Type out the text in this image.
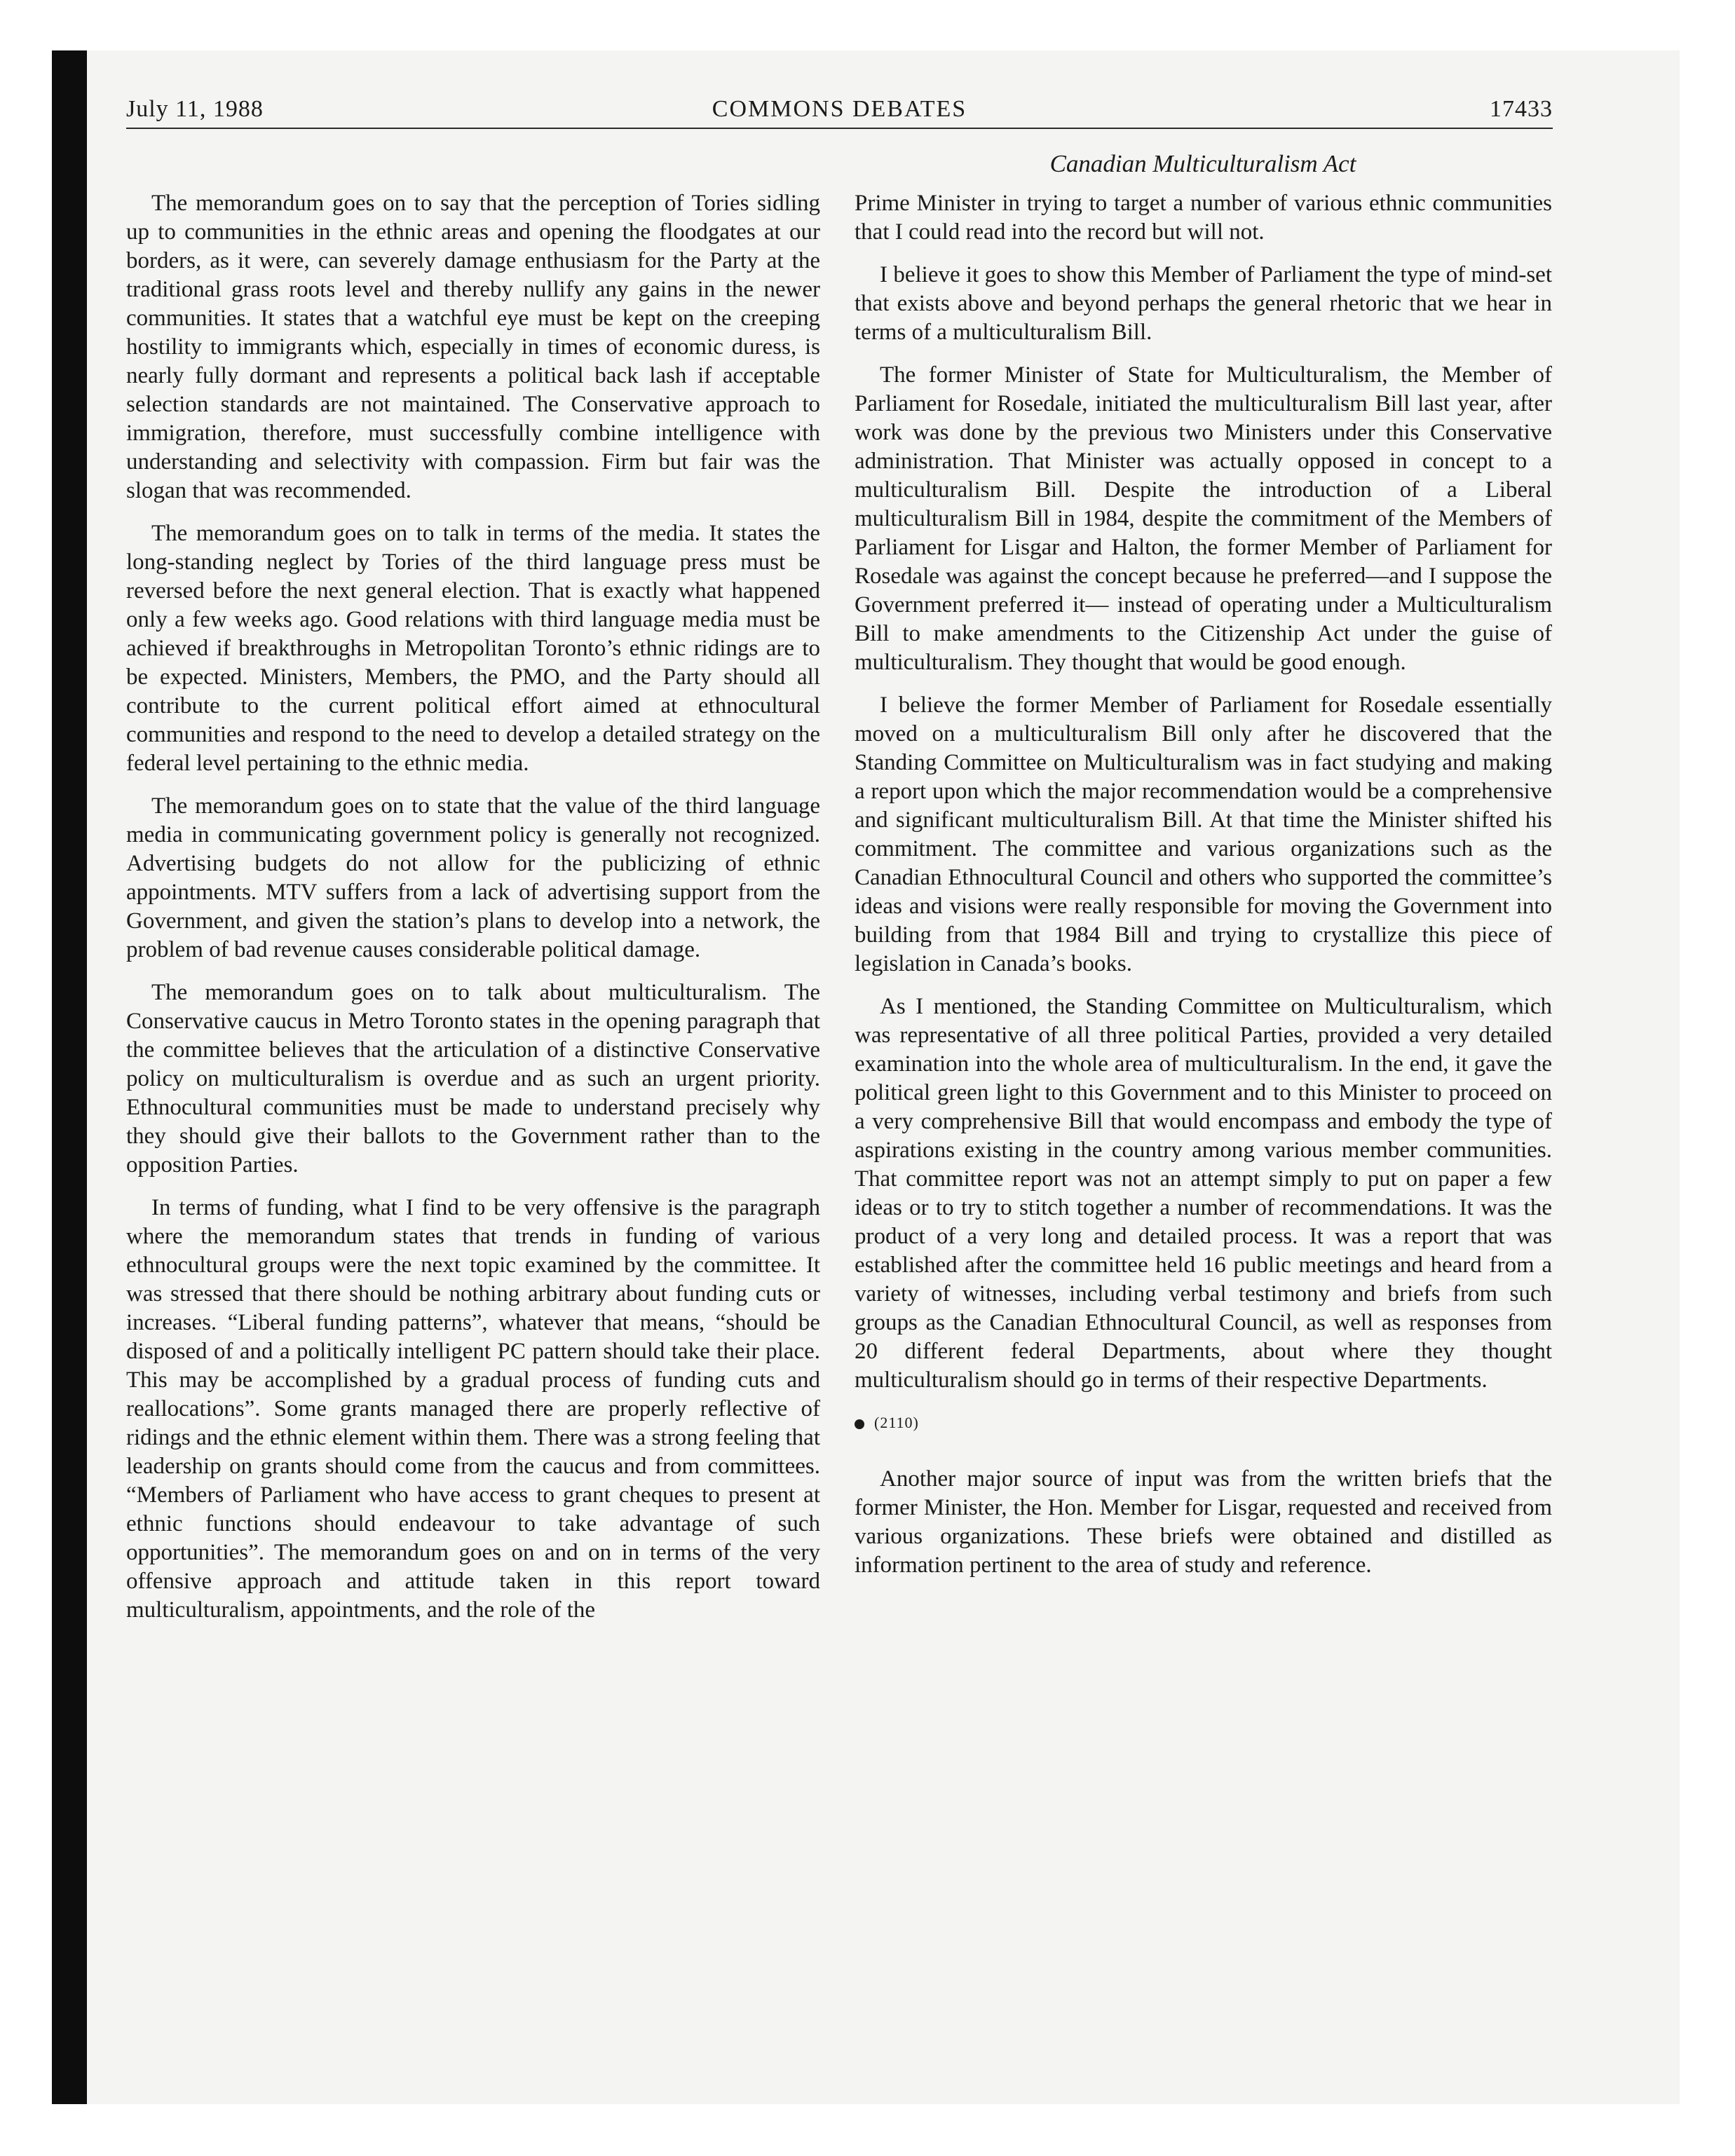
July 11, 1988	COMMONS DEBATES	17433
Canadian Multiculturalism Act

The memorandum goes on to say that the perception of Tories sidling up to communities in the ethnic areas and opening the floodgates at our borders, as it were, can severely damage enthusiasm for the Party at the traditional grass roots level and thereby nullify any gains in the newer communities. It states that a watchful eye must be kept on the creeping hostility to immigrants which, especially in times of economic duress, is nearly fully dormant and represents a political back lash if acceptable selection standards are not maintained. The Conservative approach to immigration, therefore, must successfully combine intelligence with understanding and selectivity with compassion. Firm but fair was the slogan that was recommended.

The memorandum goes on to talk in terms of the media. It states the long-standing neglect by Tories of the third language press must be reversed before the next general election. That is exactly what happened only a few weeks ago. Good relations with third language media must be achieved if breakthroughs in Metropolitan Toronto’s ethnic ridings are to be expected. Ministers, Members, the PMO, and the Party should all contribute to the current political effort aimed at ethnocultural communities and respond to the need to develop a detailed strategy on the federal level pertaining to the ethnic media.

The memorandum goes on to state that the value of the third language media in communicating government policy is generally not recognized. Advertising budgets do not allow for the publicizing of ethnic appointments. MTV suffers from a lack of advertising support from the Government, and given the station’s plans to develop into a network, the problem of bad revenue causes considerable political damage.

The memorandum goes on to talk about multiculturalism. The Conservative caucus in Metro Toronto states in the opening paragraph that the committee believes that the articulation of a distinctive Conservative policy on multiculturalism is overdue and as such an urgent priority. Ethnocultural communities must be made to understand precisely why they should give their ballots to the Government rather than to the opposition Parties.

In terms of funding, what I find to be very offensive is the paragraph where the memorandum states that trends in funding of various ethnocultural groups were the next topic examined by the committee. It was stressed that there should be nothing arbitrary about funding cuts or increases. “Liberal funding patterns”, whatever that means, “should be disposed of and a politically intelligent PC pattern should take their place. This may be accomplished by a gradual process of funding cuts and reallocations”. Some grants managed there are properly reflective of ridings and the ethnic element within them. There was a strong feeling that leadership on grants should come from the caucus and from committees. “Members of Parliament who have access to grant cheques to present at ethnic functions should endeavour to take advantage of such opportunities”. The memorandum goes on and on in terms of the very offensive approach and attitude taken in this report toward multiculturalism, appointments, and the role of the

Prime Minister in trying to target a number of various ethnic communities that I could read into the record but will not.

I believe it goes to show this Member of Parliament the type of mind-set that exists above and beyond perhaps the general rhetoric that we hear in terms of a multiculturalism Bill.

The former Minister of State for Multiculturalism, the Member of Parliament for Rosedale, initiated the multiculturalism Bill last year, after work was done by the previous two Ministers under this Conservative administration. That Minister was actually opposed in concept to a multiculturalism Bill. Despite the introduction of a Liberal multiculturalism Bill in 1984, despite the commitment of the Members of Parliament for Lisgar and Halton, the former Member of Parliament for Rosedale was against the concept because he preferred—and I suppose the Government preferred it— instead of operating under a Multiculturalism Bill to make amendments to the Citizenship Act under the guise of multiculturalism. They thought that would be good enough.

I believe the former Member of Parliament for Rosedale essentially moved on a multiculturalism Bill only after he discovered that the Standing Committee on Multiculturalism was in fact studying and making a report upon which the major recommendation would be a comprehensive and significant multiculturalism Bill. At that time the Minister shifted his commitment. The committee and various organizations such as the Canadian Ethnocultural Council and others who supported the committee’s ideas and visions were really responsible for moving the Government into building from that 1984 Bill and trying to crystallize this piece of legislation in Canada’s books.

As I mentioned, the Standing Committee on Multiculturalism, which was representative of all three political Parties, provided a very detailed examination into the whole area of multiculturalism. In the end, it gave the political green light to this Government and to this Minister to proceed on a very comprehensive Bill that would encompass and embody the type of aspirations existing in the country among various member communities. That committee report was not an attempt simply to put on paper a few ideas or to try to stitch together a number of recommendations. It was the product of a very long and detailed process. It was a report that was established after the committee held 16 public meetings and heard from a variety of witnesses, including verbal testimony and briefs from such groups as the Canadian Ethnocultural Council, as well as responses from 20 different federal Departments, about where they thought multiculturalism should go in terms of their respective Departments.

(2110)

Another major source of input was from the written briefs that the former Minister, the Hon. Member for Lisgar, requested and received from various organizations. These briefs were obtained and distilled as information pertinent to the area of study and reference.
